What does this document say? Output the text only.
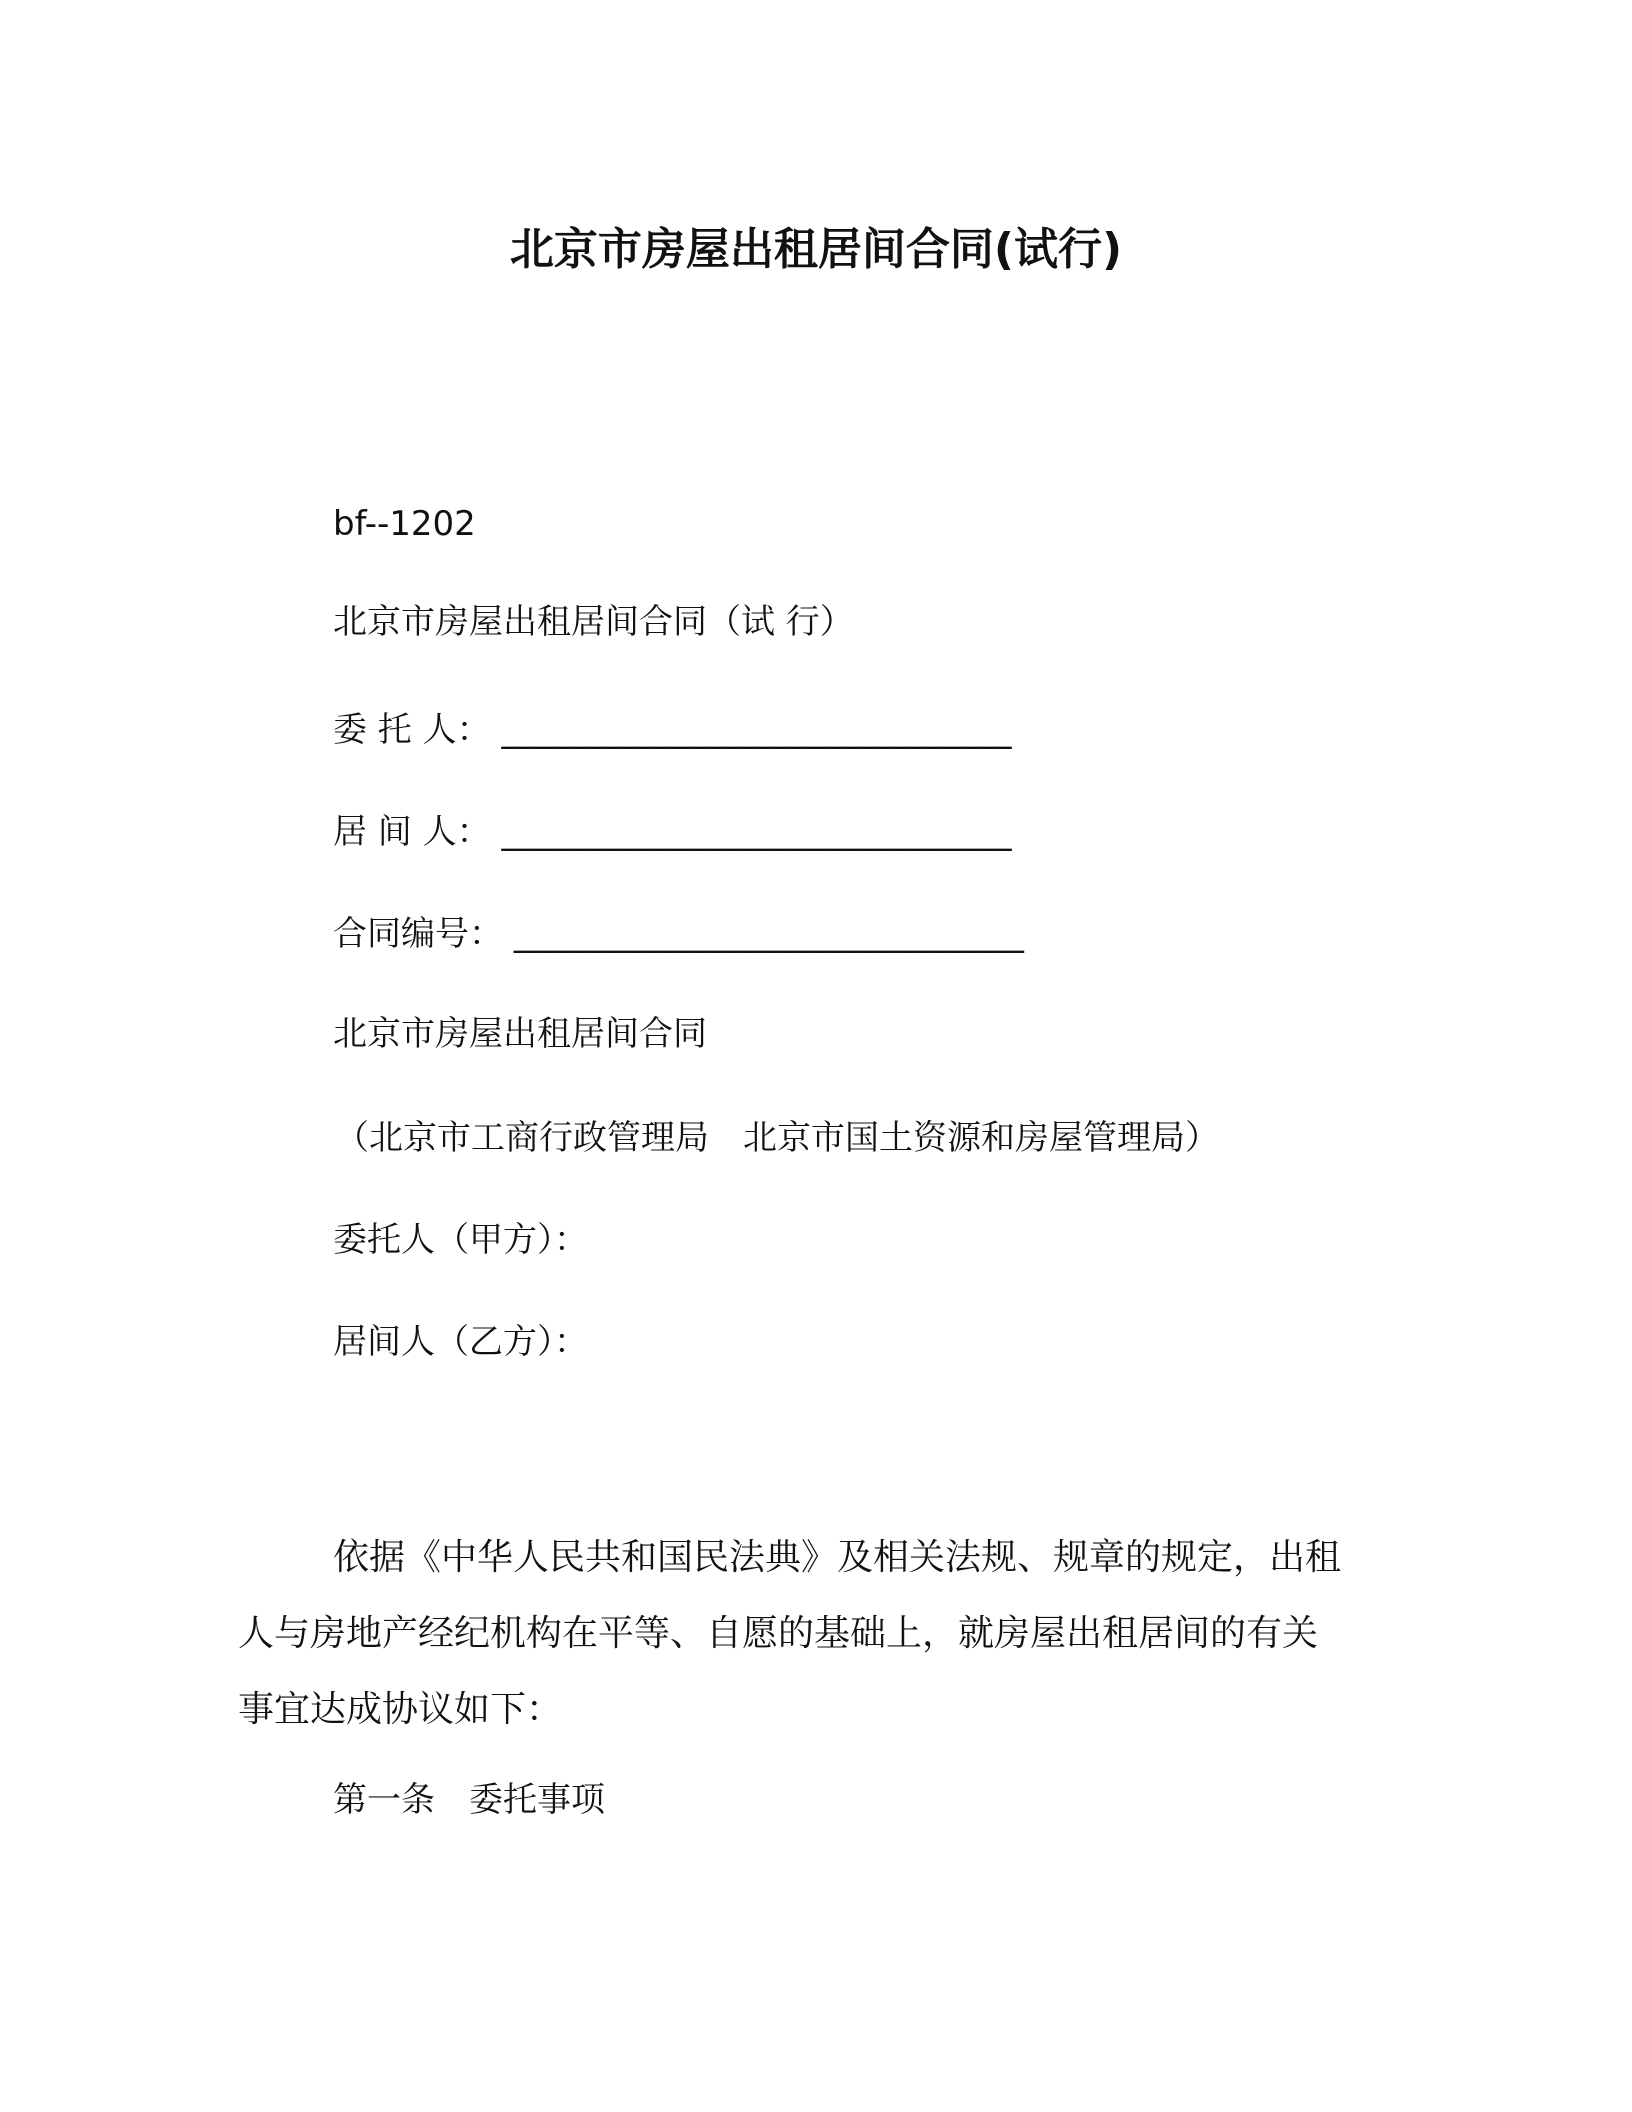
北京市房屋出租居间合同(试行)
bf--1202
北京市房屋出租居间合同（试 行）
委 托 人： ______________________________
居 间 人： ______________________________
合同编号： ______________________________
北京市房屋出租居间合同
（北京市工商行政管理局　北京市国土资源和房屋管理局）
委托人（甲方）：
居间人（乙方）：
依据《中华人民共和国民法典》及相关法规、规章的规定，出租
人与房地产经纪机构在平等、自愿的基础上，就房屋出租居间的有关
事宜达成协议如下：
第一条　委托事项
